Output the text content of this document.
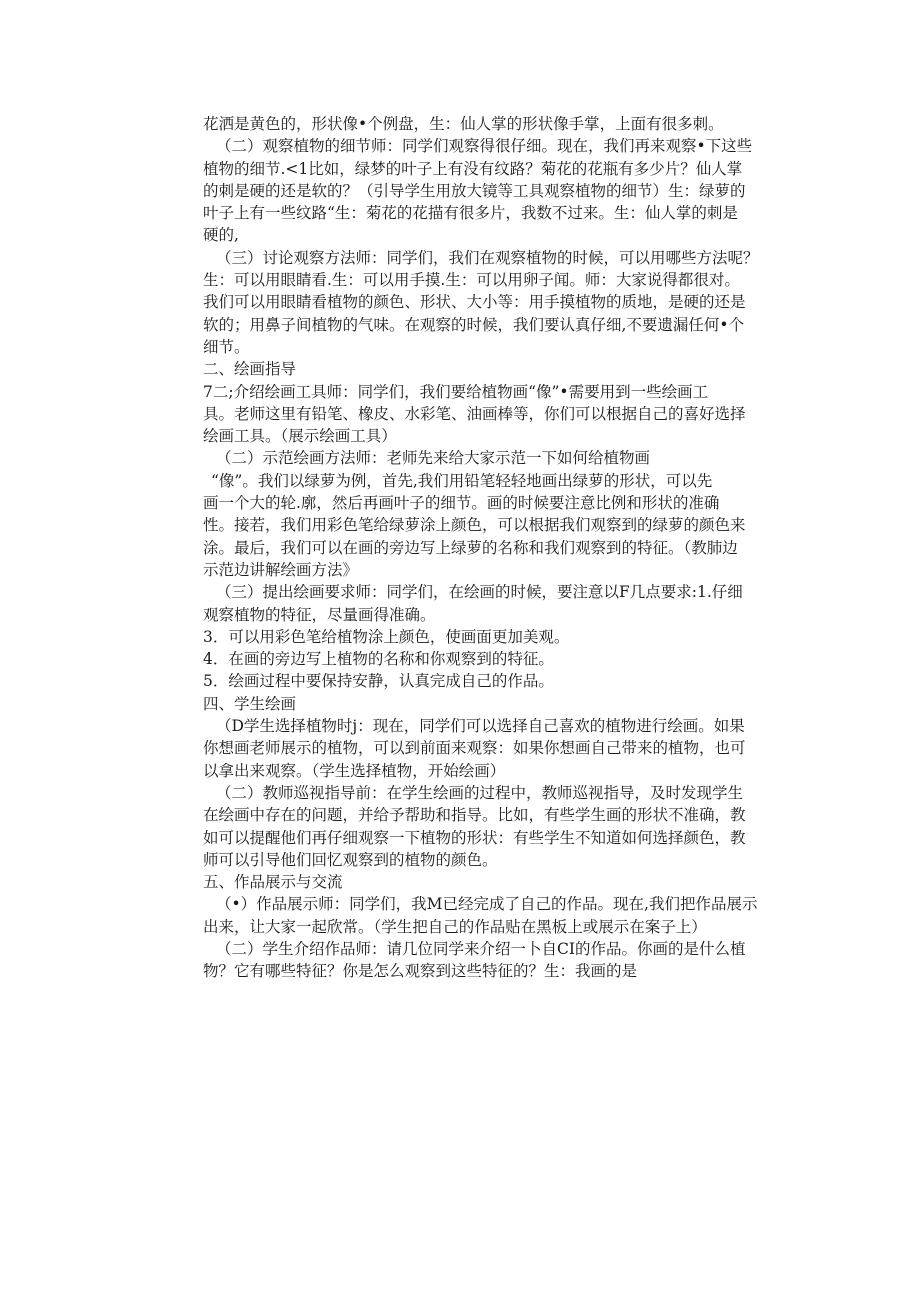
花洒是黄色的，形状像•个例盘，生：仙人掌的形状像手掌，上面有很多刺。
（二）观察植物的细节师：同学们观察得很仔细。现在，我们再来观察•下这些
植物的细节.<1比如，绿梦的叶子上有没有纹路？菊花的花瓶有多少片？仙人掌
的刺是硬的还是软的？（引导学生用放大镜等工具观察植物的细节）生：绿萝的
叶子上有一些纹路“生：菊花的花描有很多片，我数不过来。生：仙人掌的刺是
硬的,
（三）讨论观察方法师：同学们，我们在观察植物的时候，可以用哪些方法呢？
生：可以用眼睛看.生：可以用手摸.生：可以用卵子闻。师：大家说得都很对。
我们可以用眼睛看植物的颜色、形状、大小等：用手摸植物的质地，是硬的还是
软的；用鼻子间植物的气味。在观察的时候，我们要认真仔细,不要遗漏任何•个
细节。
二、绘画指导
7二;介绍绘画工具师：同学们，我们要给植物画“像”•需要用到一些绘画工
具。老师这里有铅笔、橡皮、水彩笔、油画棒等，你们可以根据自己的喜好选择
绘画工具。（展示绘画工具）
（二）示范绘画方法师：老师先来给大家示范一下如何给植物画
“像”。我们以绿萝为例，首先,我们用铅笔轻轻地画出绿萝的形状，可以先
画一个大的轮.廓，然后再画叶子的细节。画的时候要注意比例和形状的准确
性。接若，我们用彩色笔给绿萝涂上颜色，可以根据我们观察到的绿萝的颜色来
涂。最后，我们可以在画的旁边写上绿萝的名称和我们观察到的特征。（教肺边
示范边讲解绘画方法》
（三）提出绘画要求师：同学们，在绘画的时候，要注意以F几点要求:1.仔细
观察植物的特征，尽量画得准确。
3．可以用彩色笔给植物涂上颜色，使画面更加美观。
4．在画的旁边写上植物的名称和你观察到的特征。
5．绘画过程中要保持安静，认真完成自己的作品。
四、学生绘画
（D学生选择植物时j：现在，同学们可以选择自己喜欢的植物进行绘画。如果
你想画老师展示的植物，可以到前面来观察：如果你想画自己带来的植物，也可
以拿出来观察。（学生选择植物，开始绘画）
（二）教师巡视指导前：在学生绘画的过程中，教师巡视指导，及时发现学生
在绘画中存在的问题，并给予帮助和指导。比如，有些学生画的形状不准确，教
如可以提醒他们再仔细观察一下植物的形状：有些学生不知道如何选择颜色，教
师可以引导他们回忆观察到的植物的颜色。
五、作品展示与交流
（•）作品展示师：同学们，我M已经完成了自己的作品。现在,我们把作品展示
出来，让大家一起欣常。（学生把自己的作品贴在黑板上或展示在案子上）
（二）学生介绍作品师：请几位同学来介绍一卜自CI的作品。你画的是什么植
物？它有哪些特征？你是怎么观察到这些特征的？生：我画的是
